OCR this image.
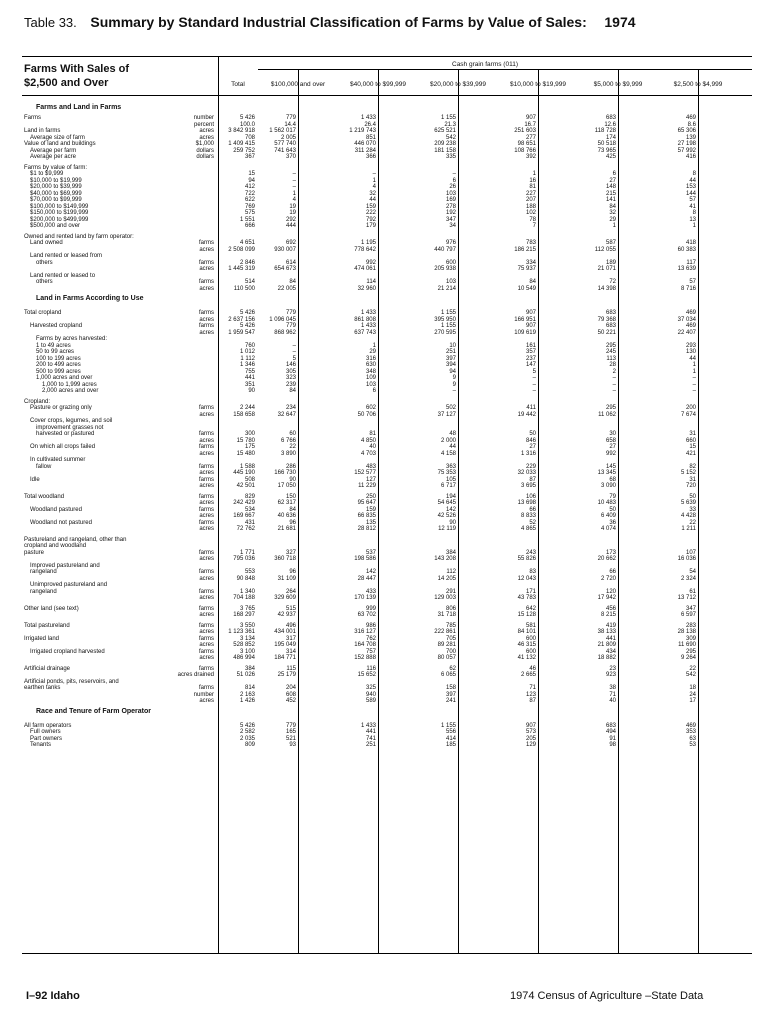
Table 33. Summary by Standard Industrial Classification of Farms by Value of Sales: 1974
Farms With Sales of
$2,500 and Over
Cash grain farms (011)
Total	$100,000 and over	$40,000 to $99,999	$20,000 to $39,999	$10,000 to $19,999	$5,000 to $9,999	$2,500 to $4,999
Farms and Land in Farms
Farms	number	5 426	779	1 433	1 155	907	683	469
percent	100.0	14.4	26.4	21.3	16.7	12.6	8.6
Land in farms	acres	3 842 918	1 562 017	1 219 743	625 521	251 603	118 728	65 306
Average size of farm	acres	708	2 005	851	542	277	174	139
Value of land and buildings	$1,000	1 409 415	577 740	446 070	209 238	98 651	50 518	27 198
Average per farm	dollars	259 752	741 643	311 284	181 158	108 766	73 965	57 992
Average per acre	dollars	367	370	366	335	392	425	416
Farms by value of farm:
$1 to $9,999	15	–	–	–	1	6	8
$10,000 to $19,999	94	–	1	6	16	27	44
$20,000 to $39,999	412	–	4	26	81	148	153
$40,000 to $69,999	722	1	32	103	227	215	144
$70,000 to $99,999	622	4	44	169	207	141	57
$100,000 to $149,999	769	19	159	278	188	84	41
$150,000 to $199,999	575	19	222	192	102	32	8
$200,000 to $499,999	1 551	292	792	347	78	29	13
$500,000 and over	666	444	179	34	7	1	1
Owned and rented land by farm operator:
Land owned	farms	4 651	692	1 195	976	783	587	418
acres	2 508 099	930 007	778 642	440 797	186 215	112 055	60 383
Land rented or leased from
others	farms	2 846	614	992	600	334	189	117
acres	1 445 319	654 673	474 061	205 938	75 937	21 071	13 639
Land rented or leased to
others	farms	514	84	114	103	84	72	57
acres	110 500	22 005	32 960	21 214	10 549	14 398	8 716
Land in Farms According to Use
Total cropland	farms	5 426	779	1 433	1 155	907	683	469
acres	2 637 156	1 096 045	861 808	395 950	166 951	79 368	37 034
Harvested cropland	farms	5 426	779	1 433	1 155	907	683	469
acres	1 959 547	868 962	637 743	270 595	109 619	50 221	22 407
Farms by acres harvested:
1 to 49 acres	760	–	1	10	161	295	293
50 to 99 acres	1 012	–	29	251	357	245	130
100 to 199 acres	1 112	5	316	397	237	113	44
200 to 499 acres	1 346	146	630	394	147	28	1
500 to 999 acres	755	305	348	94	5	2	1
1,000 acres and over	441	323	109	9	–	–	–
1,000 to 1,999 acres	351	239	103	9	–	–	–
2,000 acres and over	90	84	6	–	–	–	–
Cropland:
Pasture or grazing only	farms	2 244	234	602	502	411	295	200
acres	158 658	32 647	50 706	37 127	19 442	11 062	7 674
Cover crops, legumes, and soil
improvement grasses not
harvested or pastured	farms	300	60	81	48	50	30	31
acres	15 780	6 766	4 850	2 000	846	658	660
On which all crops failed	farms	175	22	40	44	27	27	15
acres	15 480	3 890	4 703	4 158	1 316	992	421
In cultivated summer
fallow	farms	1 588	286	483	363	229	145	82
acres	445 190	166 730	152 577	75 353	32 033	13 345	5 152
Idle	farms	508	90	127	105	87	68	31
acres	42 501	17 050	11 229	6 717	3 695	3 090	720
Total woodland	farms	829	150	250	194	106	79	50
acres	242 429	62 317	95 647	54 645	13 698	10 483	5 639
Woodland pastured	farms	534	84	159	142	66	50	33
acres	169 667	40 636	66 835	42 526	8 833	6 409	4 428
Woodland not pastured	farms	431	96	135	90	52	36	22
acres	72 762	21 681	28 812	12 119	4 865	4 074	1 211
Pastureland and rangeland, other than
cropland and woodland
pasture	farms	1 771	327	537	384	243	173	107
acres	795 036	360 718	198 586	143 208	55 826	20 662	16 036
Improved pastureland and
rangeland	farms	553	96	142	112	83	66	54
acres	90 848	31 109	28 447	14 205	12 043	2 720	2 324
Unimproved pastureland and
rangeland	farms	1 340	264	433	291	171	120	61
acres	704 188	329 609	170 139	129 003	43 783	17 942	13 712
Other land (see text)	farms	3 765	515	999	806	642	456	347
acres	168 297	42 937	63 702	31 718	15 128	8 215	6 597
Total pastureland	farms	3 550	496	986	785	581	419	283
acres	1 123 361	434 001	316 127	222 861	84 101	38 133	28 138
Irrigated land	farms	3 134	317	762	705	600	441	309
acres	528 852	195 049	164 708	89 281	46 315	21 809	11 690
Irrigated cropland harvested	farms	3 100	314	757	700	600	434	295
acres	486 994	184 771	152 888	80 057	41 132	18 882	9 264
Artificial drainage	farms	384	115	116	62	46	23	22
acres drained	51 026	25 179	15 652	6 065	2 665	923	542
Artificial ponds, pits, reservoirs, and
earthen tanks	farms	814	204	325	158	71	38	18
number	2 163	608	940	397	123	71	24
acres	1 426	452	589	241	87	40	17
Race and Tenure of Farm Operator
All farm operators	5 426	779	1 433	1 155	907	683	469
Full owners	2 582	165	441	556	573	494	353
Part owners	2 035	521	741	414	205	91	63
Tenants	809	93	251	185	129	98	53
I–92 Idaho	1974 Census of Agriculture –State Data
